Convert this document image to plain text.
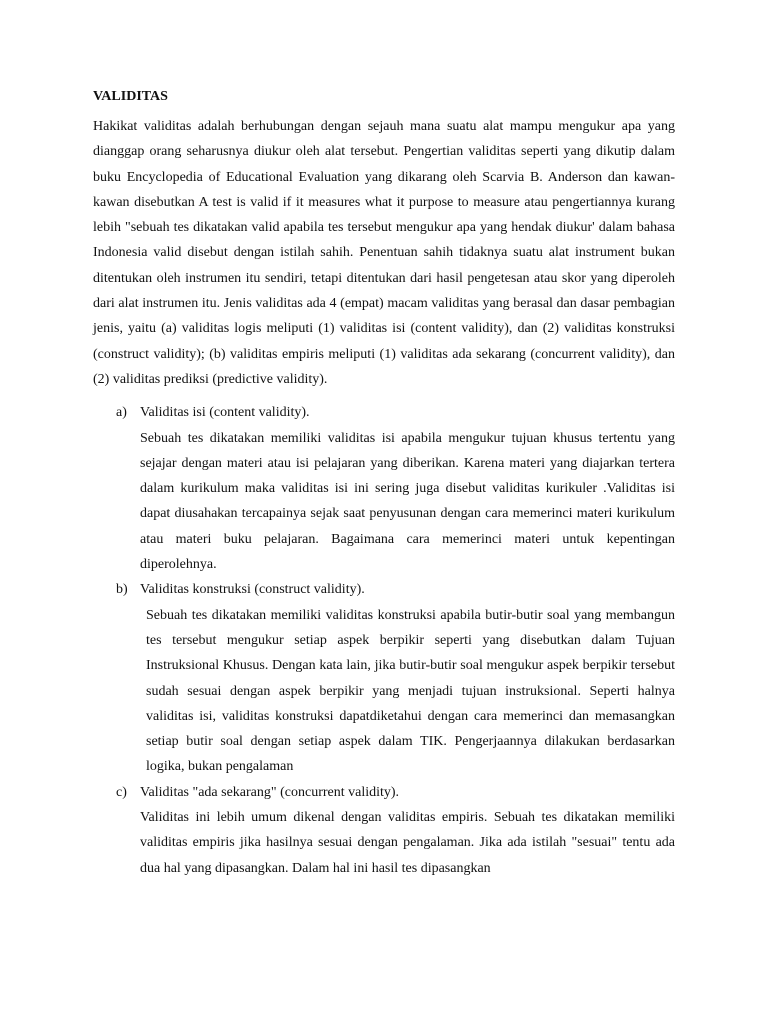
VALIDITAS
Hakikat validitas adalah berhubungan dengan sejauh mana suatu alat mampu mengukur apa yang dianggap orang seharusnya diukur oleh alat tersebut. Pengertian validitas seperti yang dikutip dalam buku Encyclopedia of Educational Evaluation yang dikarang oleh Scarvia B. Anderson dan kawan-kawan disebutkan A test is valid if it measures what it purpose to measure atau pengertiannya kurang lebih "sebuah tes dikatakan valid apabila tes tersebut mengukur apa yang hendak diukur' dalam bahasa Indonesia valid disebut dengan istilah sahih. Penentuan sahih tidaknya suatu alat instrument bukan ditentukan oleh instrumen itu sendiri, tetapi ditentukan dari hasil pengetesan atau skor yang diperoleh dari alat instrumen itu. Jenis validitas ada 4 (empat) macam validitas yang berasal dan dasar pembagian jenis, yaitu (a) validitas logis meliputi (1) validitas isi (content validity), dan (2) validitas konstruksi (construct validity); (b) validitas empiris meliputi (1) validitas ada sekarang (concurrent validity), dan (2) validitas prediksi (predictive validity).
a) Validitas isi (content validity).
Sebuah tes dikatakan memiliki validitas isi apabila mengukur tujuan khusus tertentu yang sejajar dengan materi atau isi pelajaran yang diberikan. Karena materi yang diajarkan tertera dalam kurikulum maka validitas isi ini sering juga disebut validitas kurikuler .Validitas isi dapat diusahakan tercapainya sejak saat penyusunan dengan cara memerinci materi kurikulum atau materi buku pelajaran. Bagaimana cara memerinci materi untuk kepentingan diperolehnya.
b) Validitas konstruksi (construct validity).
Sebuah tes dikatakan memiliki validitas konstruksi apabila butir-butir soal yang membangun tes tersebut mengukur setiap aspek berpikir seperti yang disebutkan dalam Tujuan Instruksional Khusus. Dengan kata lain, jika butir-butir soal mengukur aspek berpikir tersebut sudah sesuai dengan aspek berpikir yang menjadi tujuan instruksional. Seperti halnya validitas isi, validitas konstruksi dapatdiketahui dengan cara memerinci dan memasangkan setiap butir soal dengan setiap aspek dalam TIK. Pengerjaannya dilakukan berdasarkan logika, bukan pengalaman
c) Validitas "ada sekarang" (concurrent validity).
Validitas ini lebih umum dikenal dengan validitas empiris. Sebuah tes dikatakan memiliki validitas empiris jika hasilnya sesuai dengan pengalaman. Jika ada istilah "sesuai" tentu ada dua hal yang dipasangkan. Dalam hal ini hasil tes dipasangkan
